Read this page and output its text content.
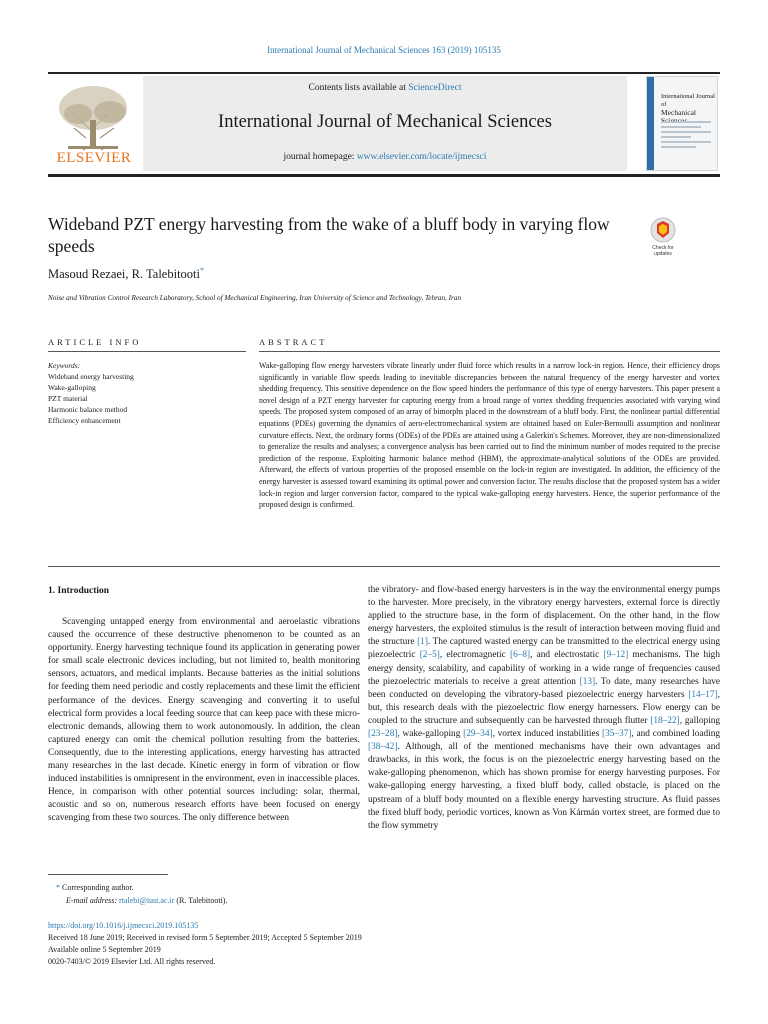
International Journal of Mechanical Sciences 163 (2019) 105135
ELSEVIER
Contents lists available at ScienceDirect
International Journal of Mechanical Sciences
journal homepage: www.elsevier.com/locate/ijmecsci
International Journal of
Mechanical
Wideband PZT energy harvesting from the wake of a bluff body in varying flow speeds	Check for
updates
Masoud Rezaei, R. Talebitooti*
Noise and Vibration Control Research Laboratory, School of Mechanical Engineering, Iran University of Science and Technology, Tehran, Iran
ARTICLE INFO	ABSTRACT
Keywords:
Wideband energy harvesting
Wake-galloping
PZT material
Harmonic balance method
Efficiency enhancement
Wake-galloping flow energy harvesters vibrate linearly under fluid force which results in a narrow lock-in region. Hence, their efficiency drops significantly in variable flow speeds leading to inevitable discrepancies between the natural frequency of the energy harvester and vortex shedding frequency. This sensitive dependence on the flow speed hinders the performance of this type of energy harvesters. This paper present a novel design of a PZT energy harvester for capturing energy from a broad range of vortex shedding frequencies associated with varying wind speeds. The proposed system composed of an array of bimorphs placed in the downstream of a bluff body. First, the nonlinear partial differential equations (PDEs) governing the dynamics of aero-electromechanical system are obtained based on Euler-Bernoulli assumption and nonlinear curvature effects. Next, the ordinary forms (ODEs) of the PDEs are attained using a Galerkin's Schemes. Moreover, they are non-dimensionalized to generalize the results and analyses; a convergence analysis has been carried out to find the minimum number of modes required to the precise prediction of the response. Exploiting harmonic balance method (HBM), the approximate-analytical solutions of the ODEs are provided. Afterward, the effects of various properties of the proposed ensemble on the lock-in region are investigated. In addition, the efficiency of the energy harvester is assessed toward examining its optimal power and conversion factor. The results disclose that the proposed system has a wider lock-in region and larger conversion factor, compared to the typical wake-galloping energy harvesters. Hence, the superior performance of the proposed design is confirmed.
1. Introduction
Scavenging untapped energy from environmental and aeroelastic vibrations caused the occurrence of these destructive phenomenon to be counted as an opportunity. Energy harvesting technique found its application in generating power for small scale electronic devices including, but not limited to, health monitoring sensors, actuators, and medical implants. Because batteries as the initial solutions for feeding them need periodic and costly replacements and these limit the efficient performance of the devices. Energy scavenging and converting it to useful electrical form provides a local feeding source that can keep pace with these micro-electronic demands, allowing them to work autonomously. In addition, the clean captured energy can omit the chemical pollution resulting from the batteries. Consequently, due to the interesting applications, energy harvesting has attracted many researches in the last decade. Kinetic energy in form of vibration or flow induced instabilities is omnipresent in the environment, even in inaccessible places. Hence, in comparison with other potential sources including: solar, thermal, acoustic and so on, numerous research efforts have been focused on energy scavenging from these two sources. The only difference between
the vibratory- and flow-based energy harvesters is in the way the environmental energy pumps to the harvester. More precisely, in the vibratory energy harvesters, external force is directly applied to the structure base, in the form of displacement. On the other hand, in the flow energy harvesters, the exploited stimulus is the result of interaction between moving fluid and the structure [1]. The captured wasted energy can be transmitted to the electrical energy using piezoelectric [2–5], electromagnetic [6–8], and electrostatic [9–12] mechanisms. The high energy density, scalability, and capability of working in a wide range of frequencies caused the piezoelectric materials to receive a great attention [13]. To date, many researches have been conducted on developing the vibratory-based piezoelectric energy harvesters [14–17], but, this research deals with the piezoelectric flow energy harnessers. Flow energy can be coupled to the structure and subsequently can be harvested through flutter [18–22], galloping [23–28], wake-galloping [29–34], vortex induced instabilities [35–37], and combined loading [38–42]. Although, all of the mentioned mechanisms have their own advantages and drawbacks, in this work, the focus is on the piezoelectric energy harvesting based on the wake-galloping phenomenon, which has shown promise for energy harvesting purposes. For wake-galloping energy harvesting, a fixed bluff body, called obstacle, is placed on the upstream of a bluff body mounted on a flexible energy harvesting structure. As fluid passes the fixed bluff body, periodic vortices, known as Von Kármán vortex street, are formed due to the flow symmetry
* Corresponding author.
E-mail address: rtalebi@iust.ac.ir (R. Talebitooti).
https://doi.org/10.1016/j.ijmecsci.2019.105135
Received 18 June 2019; Received in revised form 5 September 2019; Accepted 5 September 2019
Available online 5 September 2019
0020-7403/© 2019 Elsevier Ltd. All rights reserved.
